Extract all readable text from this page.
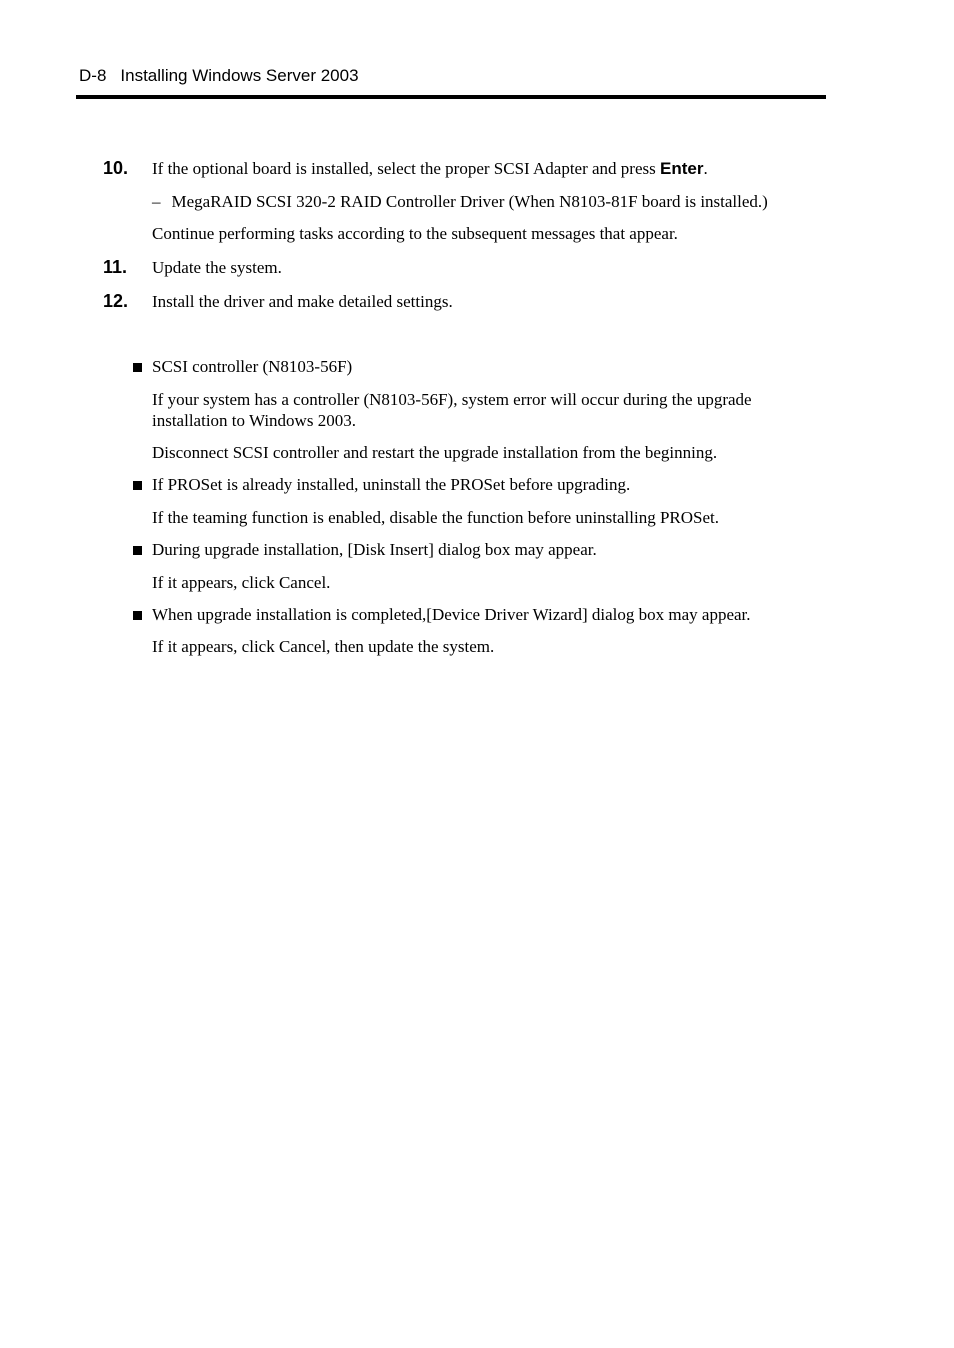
D-8 Installing Windows Server 2003
10. If the optional board is installed, select the proper SCSI Adapter and press Enter.
– MegaRAID SCSI 320-2 RAID Controller Driver (When N8103-81F board is installed.)
Continue performing tasks according to the subsequent messages that appear.
11. Update the system.
12. Install the driver and make detailed settings.
SCSI controller (N8103-56F)
If your system has a controller (N8103-56F), system error will occur during the upgrade installation to Windows 2003.
Disconnect SCSI controller and restart the upgrade installation from the beginning.
If PROSet is already installed, uninstall the PROSet before upgrading.
If the teaming function is enabled, disable the function before uninstalling PROSet.
During upgrade installation, [Disk Insert] dialog box may appear.
If it appears, click Cancel.
When upgrade installation is completed,[Device Driver Wizard] dialog box may appear.
If it appears, click Cancel, then update the system.
